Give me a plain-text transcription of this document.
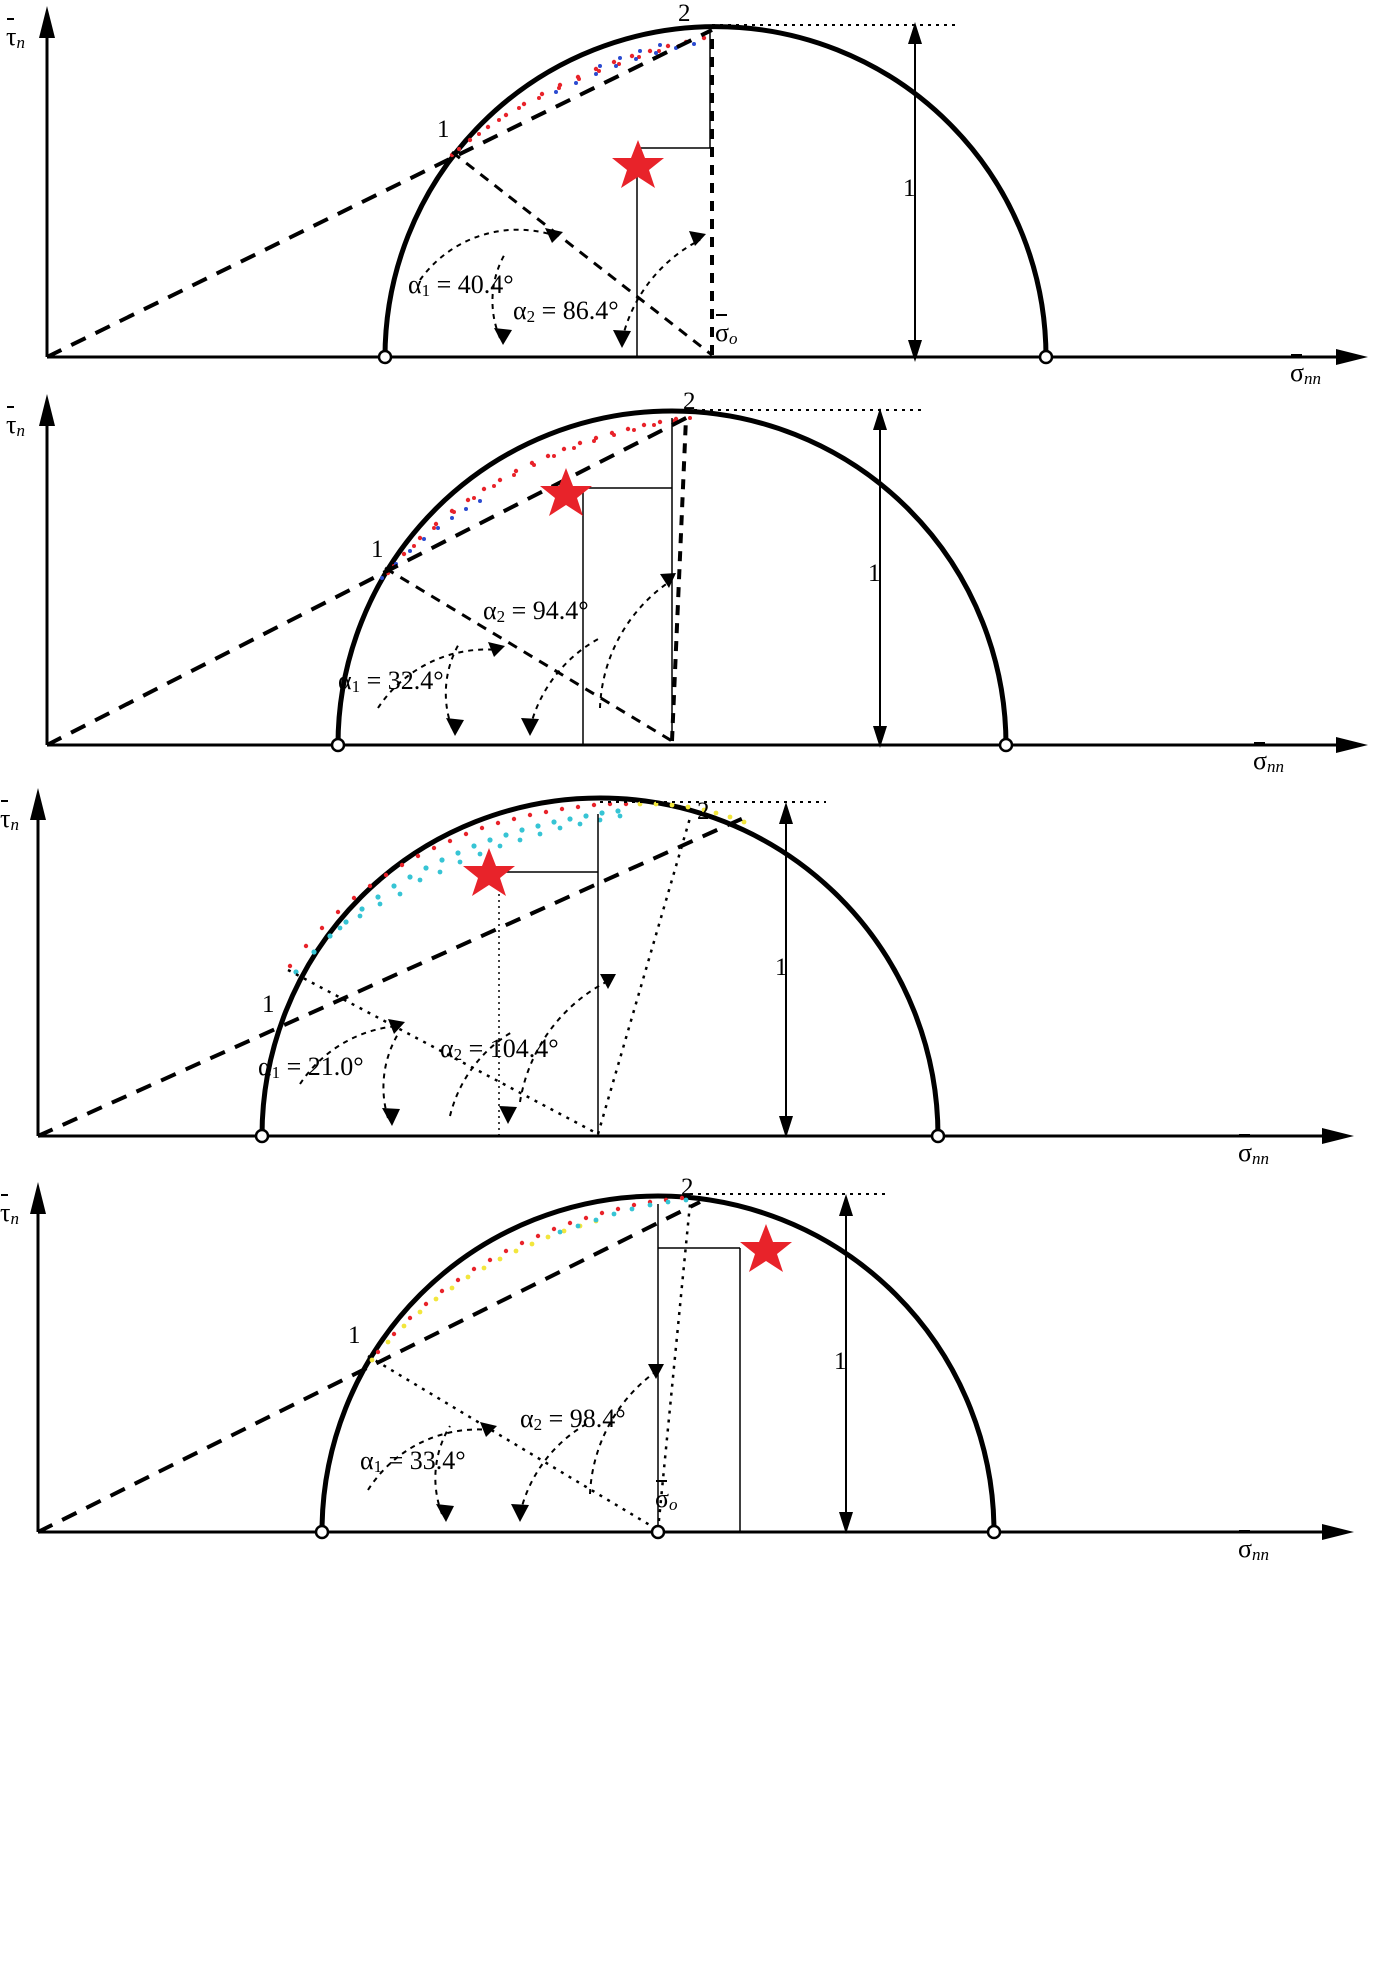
τn
σnn
1
2
1
α1 = 40.4°
α2 = 86.4°
σo
τn
σnn
1
2
1
α1 = 32.4°
α2 = 94.4°
τn
σnn
1
2
1
α1 = 21.0°
α2 = 104.4°
τn
σnn
1
2
1
α1 = 33.4°
α2 = 98.4°
σo
